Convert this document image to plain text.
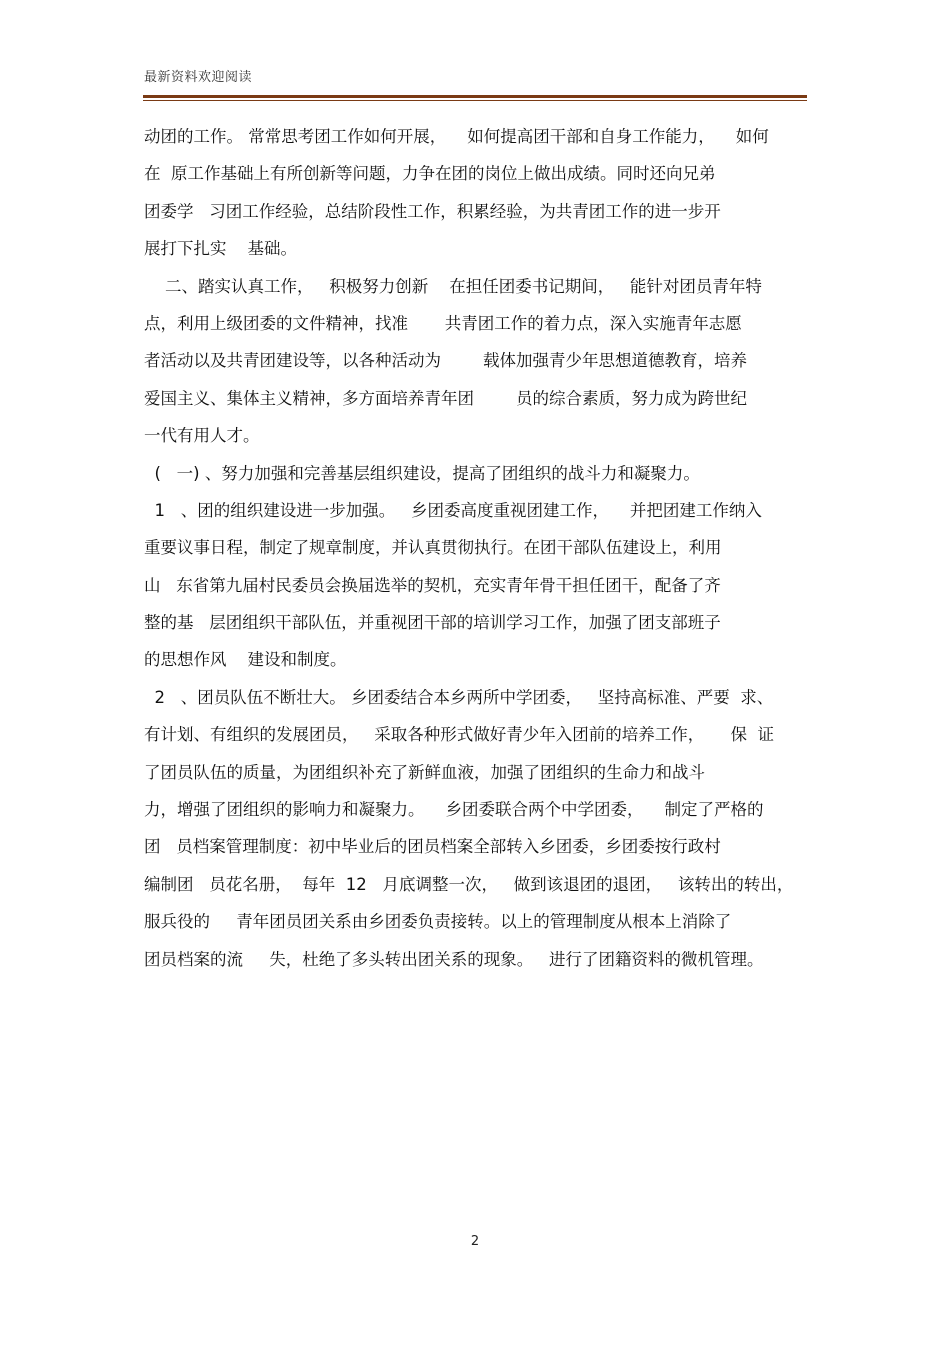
最新资料欢迎阅读
动团的工作。 常常思考团工作如何开展，    如何提高团干部和自身工作能力，    如何
在  原工作基础上有所创新等问题，力争在团的岗位上做出成绩。同时还向兄弟
团委学   习团工作经验，总结阶段性工作，积累经验，为共青团工作的进一步开
展打下扎实    基础。
二、踏实认真工作，   积极努力创新    在担任团委书记期间，   能针对团员青年特
点，利用上级团委的文件精神，找准       共青团工作的着力点，深入实施青年志愿
者活动以及共青团建设等，以各种活动为        载体加强青少年思想道德教育，培养
爱国主义、集体主义精神，多方面培养青年团        员的综合素质，努力成为跨世纪
一代有用人才。
(   一) 、努力加强和完善基层组织建设，提高了团组织的战斗力和凝聚力。
1   、团的组织建设进一步加强。   乡团委高度重视团建工作，    并把团建工作纳入
重要议事日程，制定了规章制度，并认真贯彻执行。在团干部队伍建设上，利用
山   东省第九届村民委员会换届选举的契机，充实青年骨干担任团干，配备了齐
整的基   层团组织干部队伍，并重视团干部的培训学习工作，加强了团支部班子
的思想作风    建设和制度。
2   、团员队伍不断壮大。 乡团委结合本乡两所中学团委，   坚持高标准、严要  求、
有计划、有组织的发展团员，   采取各种形式做好青少年入团前的培养工作，     保  证
了团员队伍的质量，为团组织补充了新鲜血液，加强了团组织的生命力和战斗
力，增强了团组织的影响力和凝聚力。    乡团委联合两个中学团委，    制定了严格的
团   员档案管理制度：初中毕业后的团员档案全部转入乡团委，乡团委按行政村
编制团   员花名册，  每年  12   月底调整一次，   做到该退团的退团，   该转出的转出，
服兵役的     青年团员团关系由乡团委负责接转。以上的管理制度从根本上消除了
团员档案的流     失，杜绝了多头转出团关系的现象。   进行了团籍资料的微机管理。
2
